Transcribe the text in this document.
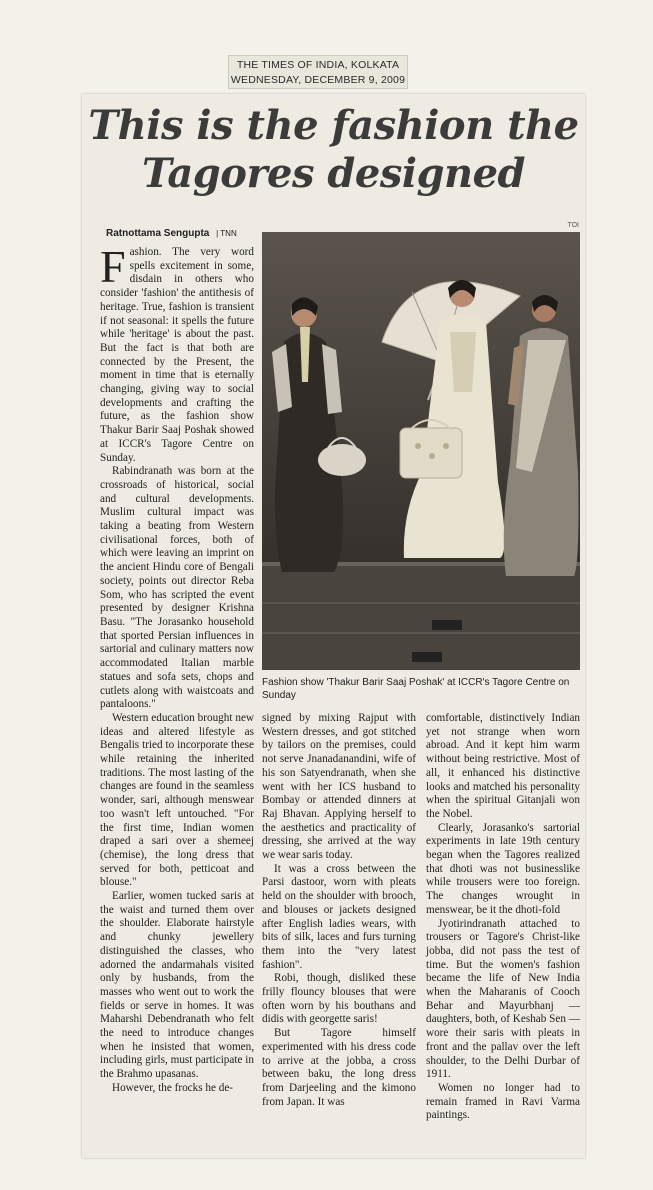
THE TIMES OF INDIA, KOLKATA
WEDNESDAY, DECEMBER 9, 2009
This is the fashion the
Tagores designed
Ratnottama Sengupta | TNN
TOI

Fashion. The very word spells excitement in some, disdain in others who consider 'fashion' the antithesis of heritage. True, fashion is transient if not seasonal: it spells the future while 'heritage' is about the past. But the fact is that both are connected by the Present, the moment in time that is eternally changing, giving way to social developments and crafting the future, as the fashion show Thakur Barir Saaj Poshak showed at ICCR's Tagore Centre on Sunday.

Rabindranath was born at the crossroads of historical, social and cultural developments. Muslim cultural impact was taking a beating from Western civilisational forces, both of which were leaving an imprint on the ancient Hindu core of Bengali society, points out director Reba Som, who has scripted the event presented by designer Krishna Basu. "The Jorasanko household that sported Persian influences in sartorial and culinary matters now accommodated Italian marble statues and sofa sets, chops and cutlets along with waistcoats and pantaloons."

Western education brought new ideas and altered lifestyle as Bengalis tried to incorporate these while retaining the inherited traditions. The most lasting of the changes are found in the seamless wonder, sari, although menswear too wasn't left untouched. "For the first time, Indian women draped a sari over a shemeej (chemise), the long dress that served for both, petticoat and blouse."

Earlier, women tucked saris at the waist and turned them over the shoulder. Elaborate hairstyle and chunky jewellery distinguished the classes, who adorned the andarmahals visited only by husbands, from the masses who went out to work the fields or serve in homes. It was Maharshi Debendranath who felt the need to introduce changes when he insisted that women, including girls, must participate in the Brahmo upasanas.

However, the frocks he de-

Fashion show 'Thakur Barir Saaj Poshak' at ICCR's Tagore Centre on Sunday

signed by mixing Rajput with Western dresses, and got stitched by tailors on the premises, could not serve Jnanadanandini, wife of his son Satyendranath, when she went with her ICS husband to Bombay or attended dinners at Raj Bhavan. Applying herself to the aesthetics and practicality of dressing, she arrived at the way we wear saris today.

It was a cross between the Parsi dastoor, worn with pleats held on the shoulder with brooch, and blouses or jackets designed after English ladies wears, with bits of silk, laces and furs turning them into the "very latest fashion".

Robi, though, disliked these frilly flouncy blouses that were often worn by his bouthans and didis with georgette saris!

But Tagore himself experimented with his dress code to arrive at the jobba, a cross between baku, the long dress from Darjeeling and the kimono from Japan. It was

comfortable, distinctively Indian yet not strange when worn abroad. And it kept him warm without being restrictive. Most of all, it enhanced his distinctive looks and matched his personality when the spiritual Gitanjali won the Nobel.

Clearly, Jorasanko's sartorial experiments in late 19th century began when the Tagores realized that dhoti was not businesslike while trousers were too foreign. The changes wrought in menswear, be it the dhoti-fold

Jyotirindranath attached to trousers or Tagore's Christ-like jobba, did not pass the test of time. But the women's fashion became the life of New India when the Maharanis of Cooch Behar and Mayurbhanj — daughters, both, of Keshab Sen — wore their saris with pleats in front and the pallav over the left shoulder, to the Delhi Durbar of 1911.

Women no longer had to remain framed in Ravi Varma paintings.
